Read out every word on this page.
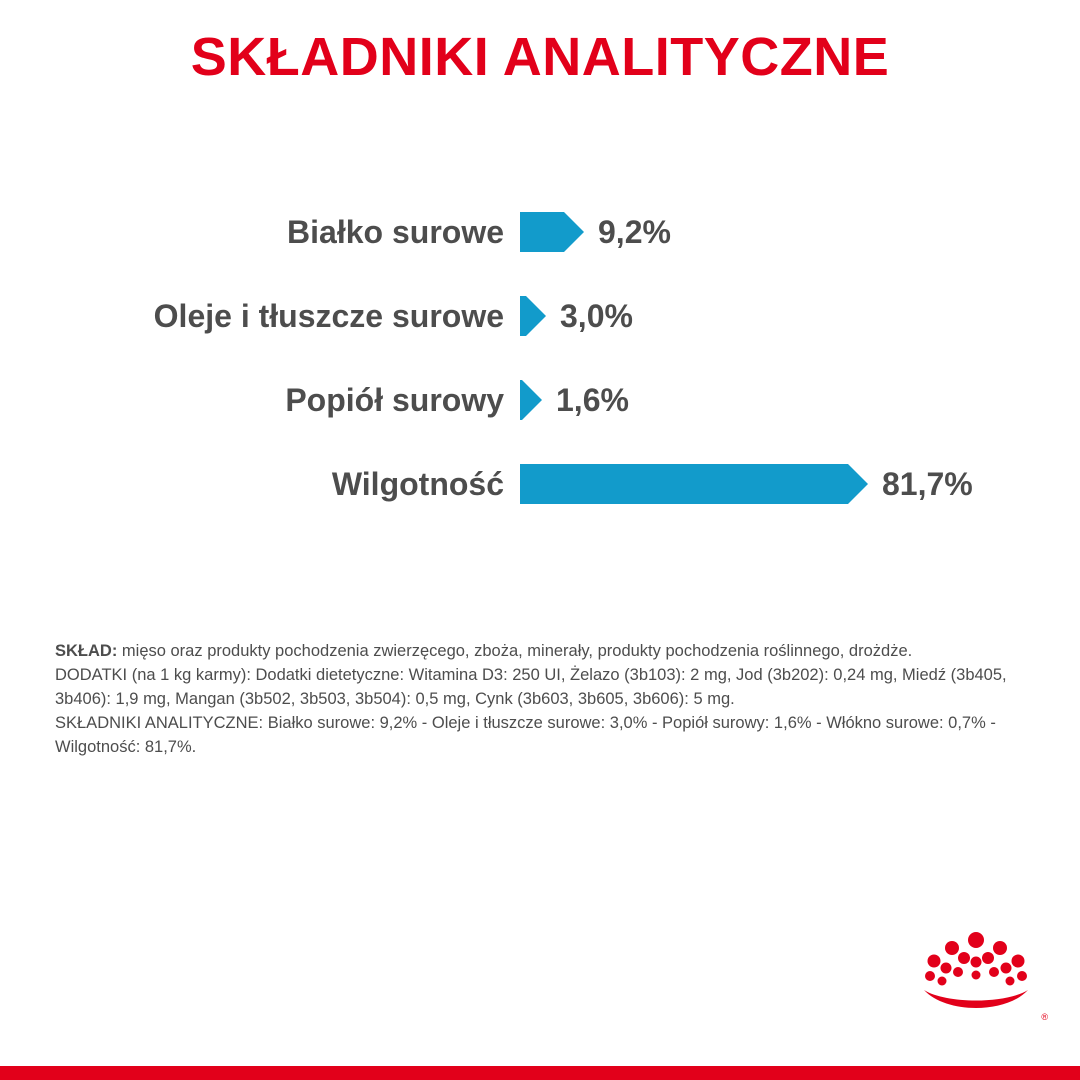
SKŁADNIKI ANALITYCZNE
Białko surowe	9,2%
Oleje i tłuszcze surowe	3,0%
Popiół surowy	1,6%
Wilgotność	81,7%

SKŁAD: mięso oraz produkty pochodzenia zwierzęcego, zboża, minerały, produkty pochodzenia roślinnego, drożdże.

DODATKI (na 1 kg karmy): Dodatki dietetyczne: Witamina D3: 250 UI, Żelazo (3b103): 2 mg, Jod (3b202): 0,24 mg, Miedź (3b405, 3b406): 1,9 mg, Mangan (3b502, 3b503, 3b504): 0,5 mg, Cynk (3b603, 3b605, 3b606): 5 mg.

SKŁADNIKI ANALITYCZNE: Białko surowe: 9,2% - Oleje i tłuszcze surowe: 3,0% - Popiół surowy: 1,6% - Włókno surowe: 0,7% - Wilgotność: 81,7%.

®
